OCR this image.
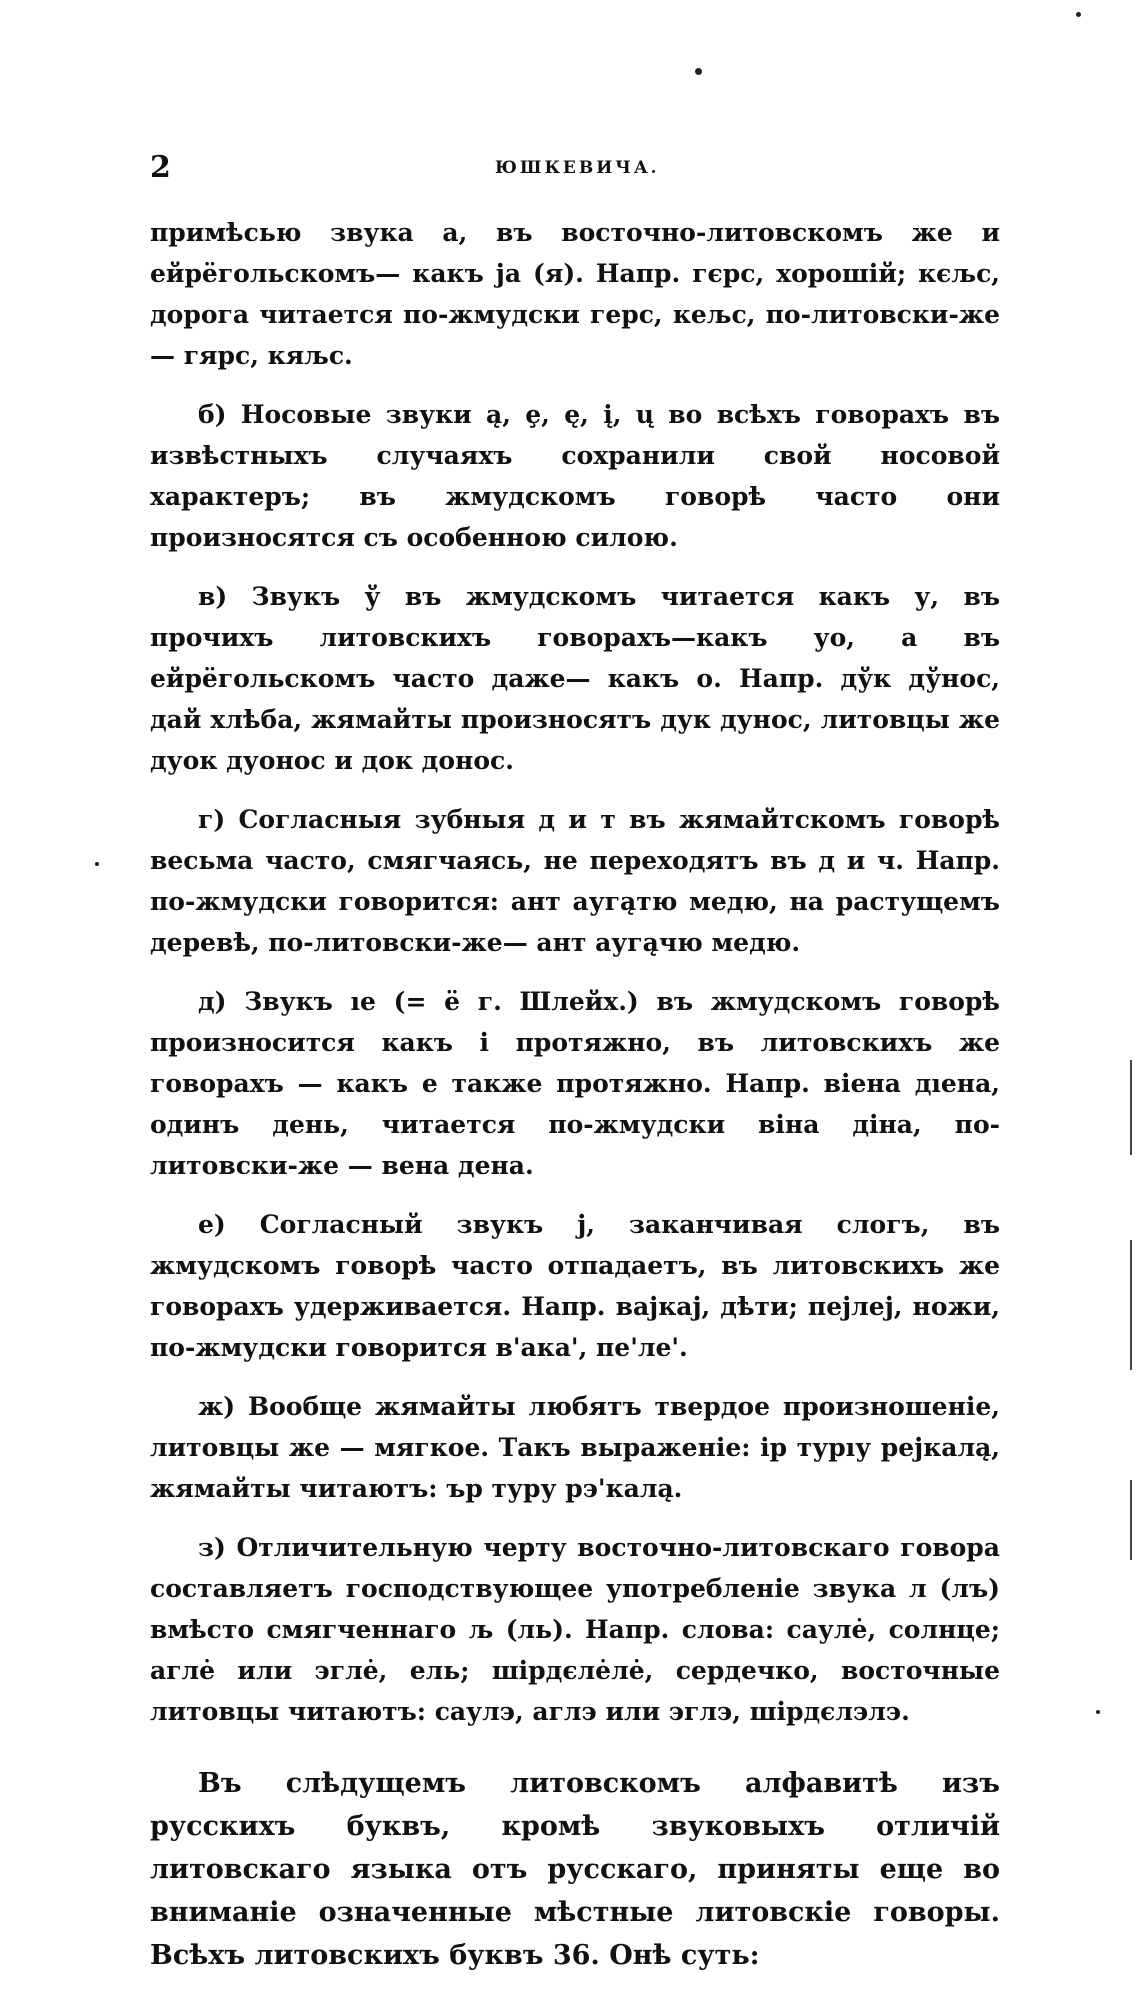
2	ЮШКЕВИЧА.

примѣсью звука а, въ восточно-литовскомъ же и ейрёгольскомъ— какъ ја (я). Напр. гєрс, хорошій; кєљс, дорога читается по-жмудски герс, кељс, по-литовски-же — гярс, кяљс.

б) Носовые звуки ą, ȩ, ę, į, ų во всѣхъ говорахъ въ извѣстныхъ случаяхъ сохранили свой носовой характеръ; въ жмудскомъ говорѣ часто они произносятся съ особенною силою.

в) Звукъ ў въ жмудскомъ читается какъ у, въ прочихъ литовскихъ говорахъ—какъ уо, а въ ейрёгольскомъ часто даже— какъ о. Напр. дўк дўнос, дай хлѣба, жямайты произносятъ дук дунос, литовцы же дуок дуонос и док донос.

г) Согласныя зубныя д и т въ жямайтскомъ говорѣ весьма часто, смягчаясь, не переходятъ въ д и ч. Напр. по-жмудски говорится: ант аугąтю медю, на растущемъ деревѣ, по-литовски-же— ант аугąчю медю.

д) Звукъ ıе (= ё г. Шлейх.) въ жмудскомъ говорѣ произносится какъ і протяжно, въ литовскихъ же говорахъ — какъ е также протяжно. Напр. віена дıена, одинъ день, читается по-жмудски віна діна, по-литовски-же — вена дена.

е) Согласный звукъ ј, заканчивая слогъ, въ жмудскомъ говорѣ часто отпадаетъ, въ литовскихъ же говорахъ удерживается. Напр. вајкај, дѣти; пејлеј, ножи, по-жмудски говорится в'ака', пе'ле'.

ж) Вообще жямайты любятъ твердое произношеніе, литовцы же — мягкое. Такъ выраженіе: ір турıу рејкалą, жямайты читаютъ: ър туру рэ'калą.

з) Отличительную черту восточно-литовскаго говора составляетъ господствующее употребленіе звука л (лъ) вмѣсто смягченнаго љ (ль). Напр. слова: саулė, солнце; аглė или эглė, ель; шірдєлėлė, сердечко, восточные литовцы читаютъ: саулэ, аглэ или эглэ, шірдєлэлэ.

Въ слѣдущемъ литовскомъ алфавитѣ изъ русскихъ буквъ, кромѣ звуковыхъ отличій литовскаго языка отъ русскаго, приняты еще во вниманіе означенные мѣстные литовскіе говоры. Всѣхъ литовскихъ буквъ 36. Онѣ суть:
